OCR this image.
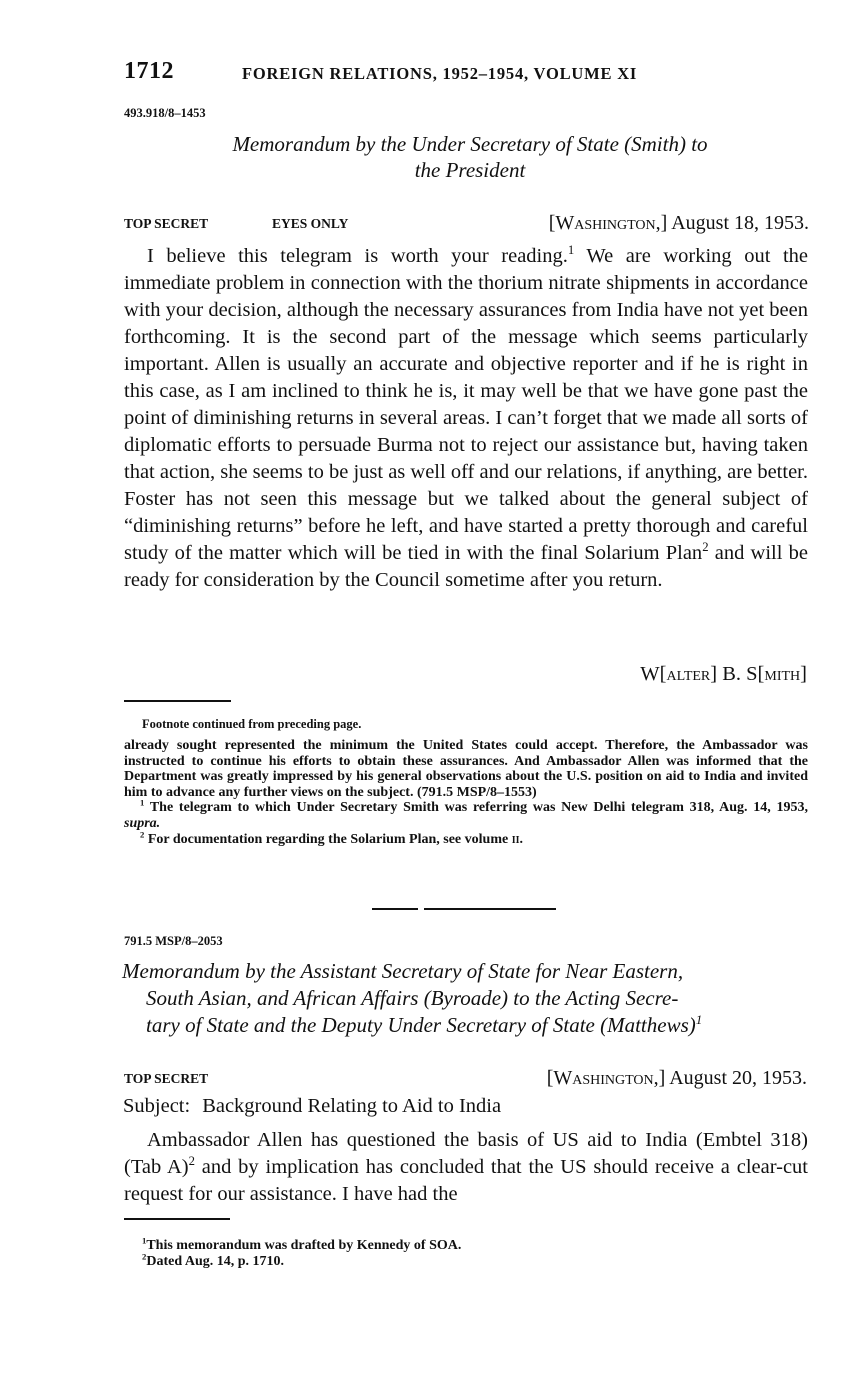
1712	FOREIGN RELATIONS, 1952–1954, VOLUME XI
493.918/8–1453
Memorandum by the Under Secretary of State (Smith) to
the President
TOP SECRET	EYES ONLY	[Washington,] August 18, 1953.

I believe this telegram is worth your reading.$^1$ We are working out the immediate problem in connection with the thorium nitrate shipments in accordance with your decision, although the necessary assurances from India have not yet been forthcoming. It is the second part of the message which seems particularly important. Allen is usually an accurate and objective reporter and if he is right in this case, as I am inclined to think he is, it may well be that we have gone past the point of diminishing returns in several areas. I can’t forget that we made all sorts of diplomatic efforts to persuade Burma not to reject our assistance but, having taken that action, she seems to be just as well off and our relations, if anything, are better. Foster has not seen this message but we talked about the general subject of “diminishing returns” before he left, and have started a pretty thorough and careful study of the matter which will be tied in with the final Solarium Plan$^2$ and will be ready for consideration by the Council sometime after you return.

W[alter] B. S[mith]
Footnote continued from preceding page.

already sought represented the minimum the United States could accept. Therefore, the Ambassador was instructed to continue his efforts to obtain these assurances. And Ambassador Allen was informed that the Department was greatly impressed by his general observations about the U.S. position on aid to India and invited him to advance any further views on the subject. (791.5 MSP/8–1553)

$^1$ The telegram to which Under Secretary Smith was referring was New Delhi telegram 318, Aug. 14, 1953, supra.

$^2$ For documentation regarding the Solarium Plan, see volume ii.

791.5 MSP/8–2053
Memorandum by the Assistant Secretary of State for Near Eastern,
South Asian, and African Affairs (Byroade) to the Acting Secre-
tary of State and the Deputy Under Secretary of State (Matthews)$^1$
TOP SECRET	[Washington,] August 20, 1953.
Subject: Background Relating to Aid to India

Ambassador Allen has questioned the basis of US aid to India (Embtel 318) (Tab A)$^2$ and by implication has concluded that the US should receive a clear-cut request for our assistance. I have had the

$^1$This memorandum was drafted by Kennedy of SOA.

$^2$Dated Aug. 14, p. 1710.
